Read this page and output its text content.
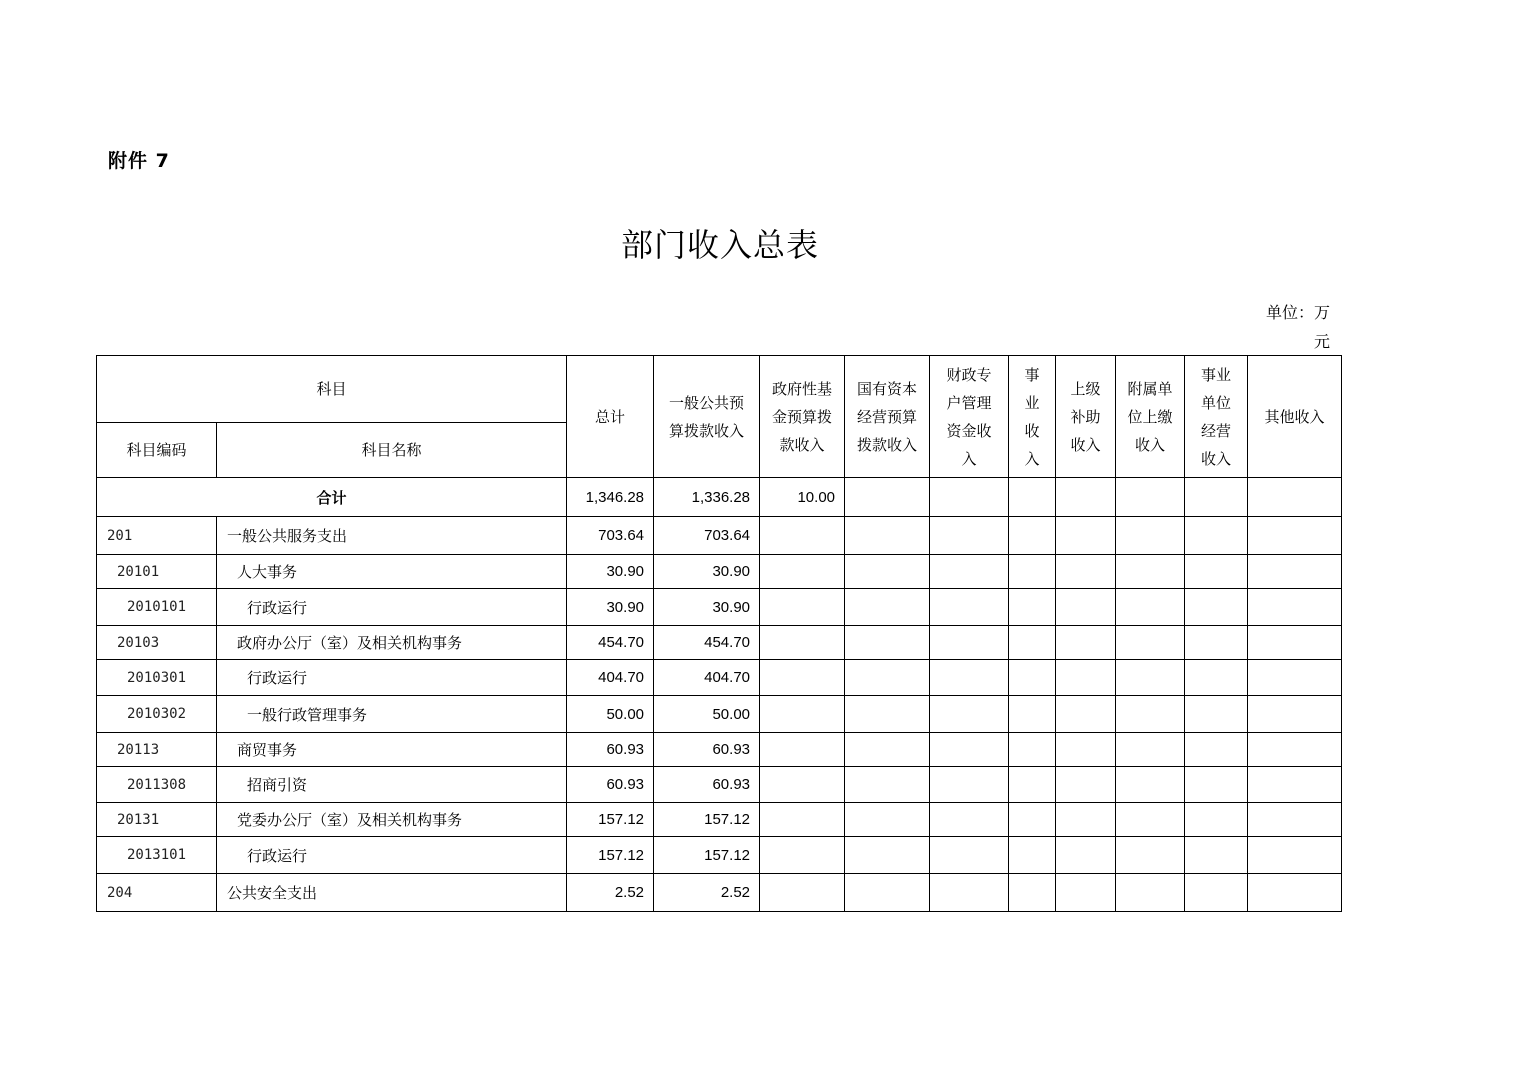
附件 7
部门收入总表
单位：万
元
科目		总计	一般公共预算拨款收入	政府性基金预算拨款收入	国有资本经营预算拨款收入	财政专户管理资金收入	事业收入	上级补助收入	附属单位上缴收入	事业单位经营收入	其他收入
科目编码	科目名称										
合计		1,346.28	1,336.28	10.00							
201	一般公共服务支出	703.64	703.64								
20101	人大事务	30.90	30.90								
2010101	行政运行	30.90	30.90								
20103	政府办公厅（室）及相关机构事务	454.70	454.70								
2010301	行政运行	404.70	404.70								
2010302	一般行政管理事务	50.00	50.00								
20113	商贸事务	60.93	60.93								
2011308	招商引资	60.93	60.93								
20131	党委办公厅（室）及相关机构事务	157.12	157.12								
2013101	行政运行	157.12	157.12								
204	公共安全支出	2.52	2.52								
